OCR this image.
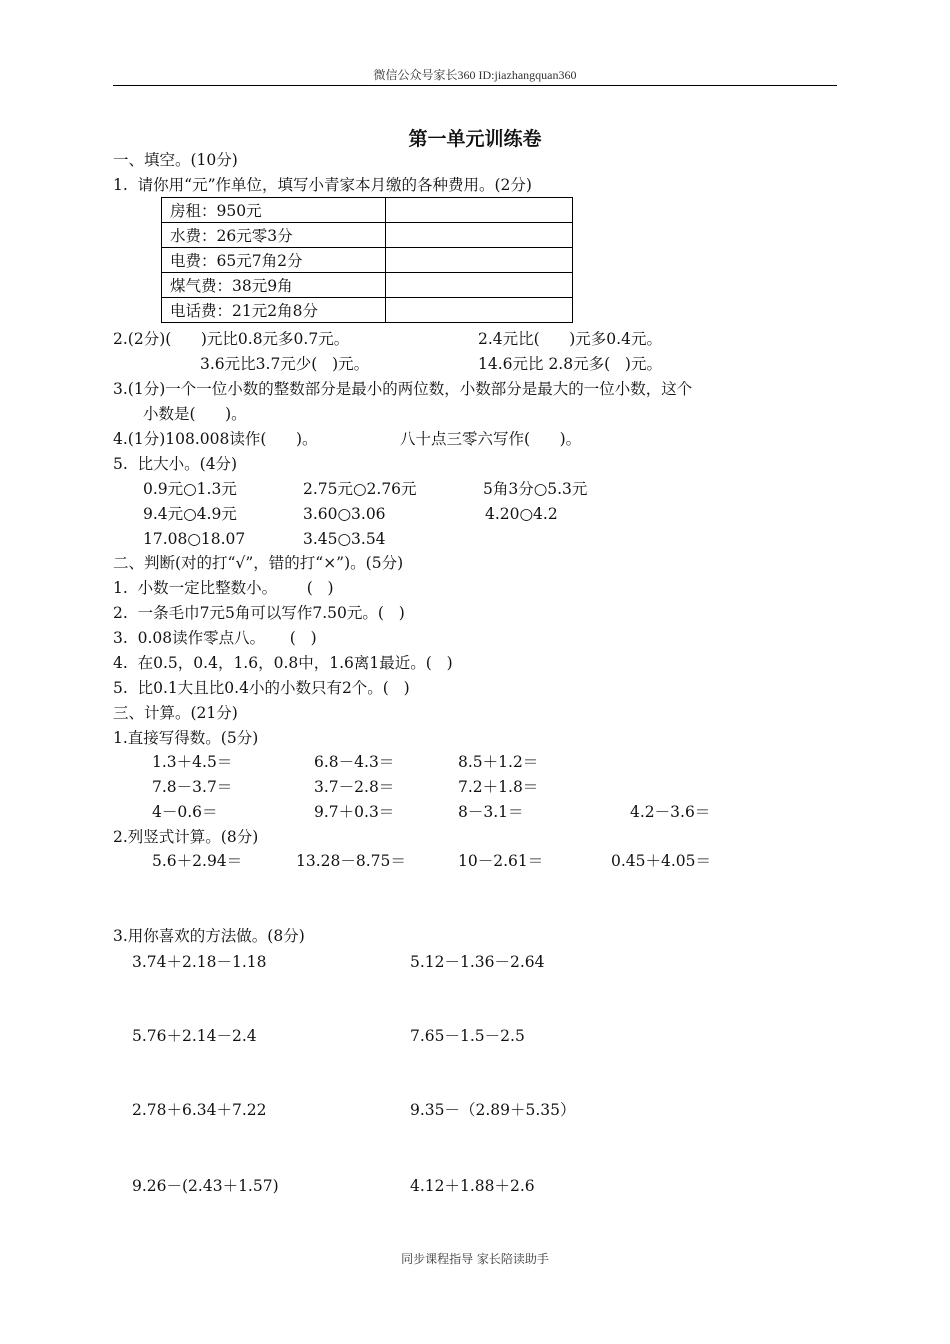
微信公众号家长360 ID:jiazhangquan360
第一单元训练卷
一、填空。(10分)
1.  请你用“元”作单位，填写小青家本月缴的各种费用。(2分)
房租：950元	
水费：26元零3分	
电费：65元7角2分	
煤气费：38元9角	
电话费：21元2角8分	
2.(2分)(      )元比0.8元多0.7元。	2.4元比(      )元多0.4元。
3.6元比3.7元少(   )元。	14.6元比 2.8元多(   )元。
3.(1分)一个一位小数的整数部分是最小的两位数，小数部分是最大的一位小数，这个
小数是(      )。
4.(1分)108.008读作(      )。	八十点三零六写作(      )。
5.  比大小。(4分)
0.9元○1.3元	2.75元○2.76元	5角3分○5.3元
9.4元○4.9元	3.60○3.06	4.20○4.2
17.08○18.07	3.45○3.54
二、判断(对的打“√”，错的打“×”)。(5分)
1.  小数一定比整数小。      (   )
2.  一条毛巾7元5角可以写作7.50元。(   )
3.  0.08读作零点八。     (   )
4.  在0.5，0.4，1.6，0.8中，1.6离1最近。(   )
5.  比0.1大且比0.4小的小数只有2个。(   )
三、计算。(21分)
1.直接写得数。(5分)
1.3＋4.5＝	6.8－4.3＝	8.5＋1.2＝
7.8－3.7＝	3.7－2.8＝	7.2＋1.8＝
4－0.6＝	9.7＋0.3＝	8－3.1＝	4.2－3.6＝
2.列竖式计算。(8分)
5.6＋2.94＝	13.28－8.75＝	10－2.61＝	0.45＋4.05＝
3.用你喜欢的方法做。(8分)
3.74＋2.18－1.18	5.12－1.36－2.64
5.76＋2.14－2.4	7.65－1.5－2.5
2.78＋6.34＋7.22	9.35－（2.89＋5.35）
9.26－(2.43＋1.57)	4.12＋1.88＋2.6
同步课程指导 家长陪读助手
